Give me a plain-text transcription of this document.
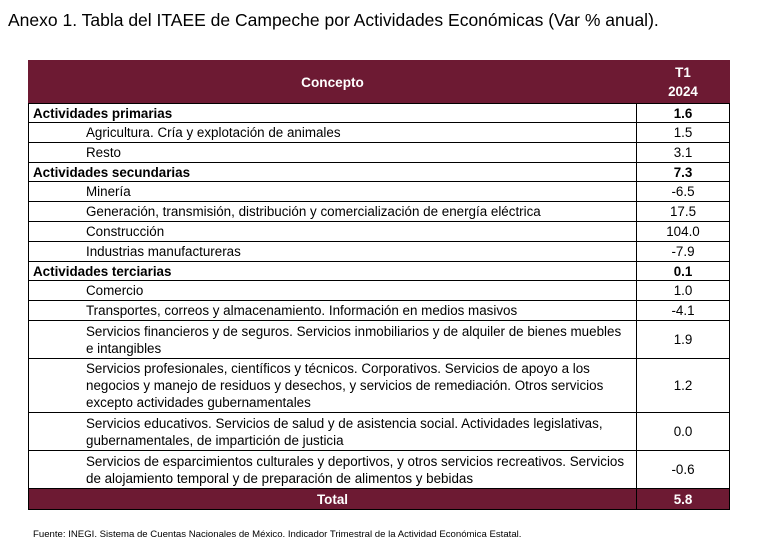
Anexo 1. Tabla del ITAEE de Campeche por Actividades Económicas (Var % anual).
Concepto	T1
2024

Actividades primarias	1.6
Agricultura. Cría y explotación de animales	1.5
Resto	3.1
Actividades secundarias	7.3
Minería	-6.5
Generación, transmisión, distribución y comercialización de energía eléctrica	17.5
Construcción	104.0
Industrias manufactureras	-7.9
Actividades terciarias	0.1
Comercio	1.0
Transportes, correos y almacenamiento. Información en medios masivos	-4.1
Servicios financieros y de seguros. Servicios inmobiliarios y de alquiler de bienes muebles e intangibles	1.9
Servicios profesionales, científicos y técnicos. Corporativos. Servicios de apoyo a los negocios y manejo de residuos y desechos, y servicios de remediación. Otros servicios excepto actividades gubernamentales	1.2
Servicios educativos. Servicios de salud y de asistencia social. Actividades legislativas, gubernamentales, de impartición de justicia	0.0
Servicios de esparcimientos culturales y deportivos, y otros servicios recreativos. Servicios de alojamiento temporal y de preparación de alimentos y bebidas	-0.6
Total	5.8
Fuente: INEGI. Sistema de Cuentas Nacionales de México. Indicador Trimestral de la Actividad Económica Estatal.
